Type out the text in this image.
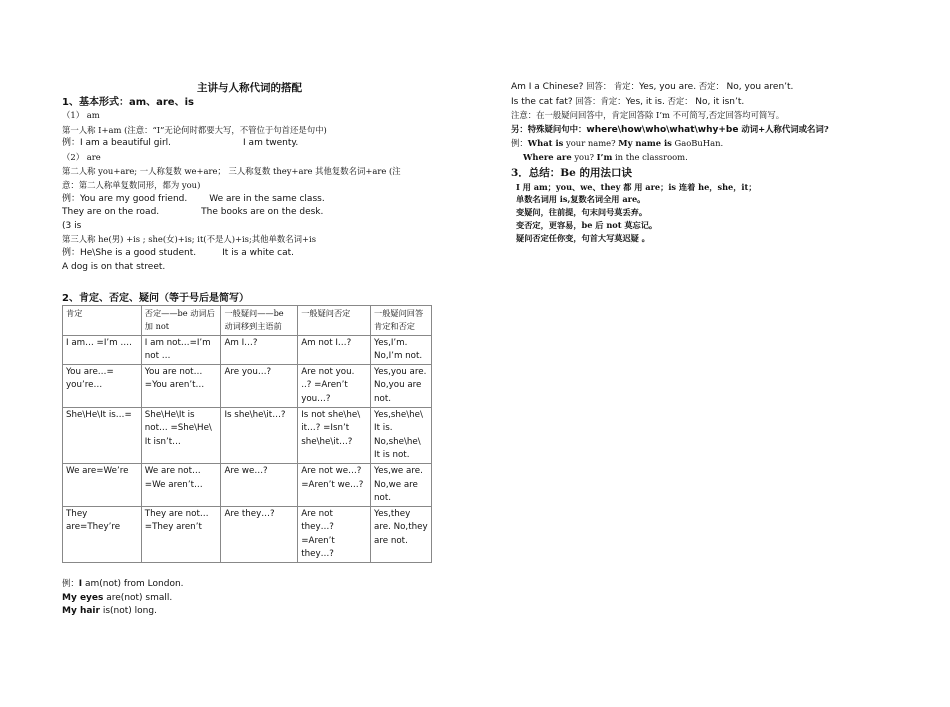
主讲与人称代词的搭配
1、基本形式：am、are、is
（1） am
第一人称 I+am (注意：“I”无论何时都要大写，不管位于句首还是句中)
例：I am a beautiful girl.	I am twenty.
（2） are
第二人称 you+are; 一人称复数 we+are； 三人称复数 they+are 其他复数名词+are (注
意：第二人称单复数同形，都为 you)
例：You are my good friend. We are in the same class.
They are on the road.	The books are on the desk.
(3 is
第三人称 he(男) +is ; she(女)+is; it(不是人)+is;其他单数名词+is
例：He\She is a good student.	It is a white cat.
A dog is on that street.
2、肯定、否定、疑问（等于号后是简写）
肯定	否定——be 动词后加 not	一般疑问——be 动词移到主语前	一般疑问否定	一般疑问回答 肯定和否定
I am… =I’m ….	I am not…=I’m not …	Am I…?	Am not I…?	Yes,I’m. No,I’m not.
You are…= you’re…	You are not… =You aren’t…	Are you…?	Are not you. ..? =Aren’t you…?	Yes,you are. No,you are not.
She\He\It is…=	She\He\It is not… =She\He\ It isn’t…	Is she\he\it…?	Is not she\he\ it…? =Isn’t she\he\it…?	Yes,she\he\ It is. No,she\he\ It is not.
We are=We’re	We are not… =We aren’t…	Are we…?	Are not we…? =Aren’t we…?	Yes,we are. No,we are not.
They are=They’re	They are not… =They aren’t	Are they…?	Are not they…? =Aren’t they…?	Yes,they are. No,they are not.
例：I am(not) from London.
My eyes are(not) small.
My hair is(not) long.
Am I a Chinese? 回答： 肯定：Yes, you are. 否定： No, you aren’t.
Is the cat fat? 回答：肯定：Yes, it is. 否定： No, it isn’t.
注意：在一般疑问回答中，肯定回答除 I’m 不可简写,否定回答均可简写。
另：特殊疑问句中：where\how\who\what\why+be 动词+人称代词或名词?
例：What is your name? My name is GaoBuHan.
Where are you? I’m in the classroom.
3．总结：Be 的用法口诀
I 用 am；you、we、they 都 用 are；is 连着 he，she，it；
单数名词用 is,复数名词全用 are。
变疑问，往前提，句末问号莫丢弃。
变否定，更容易，be 后 not 莫忘记。
疑问否定任你变，句首大写莫迟疑 。
